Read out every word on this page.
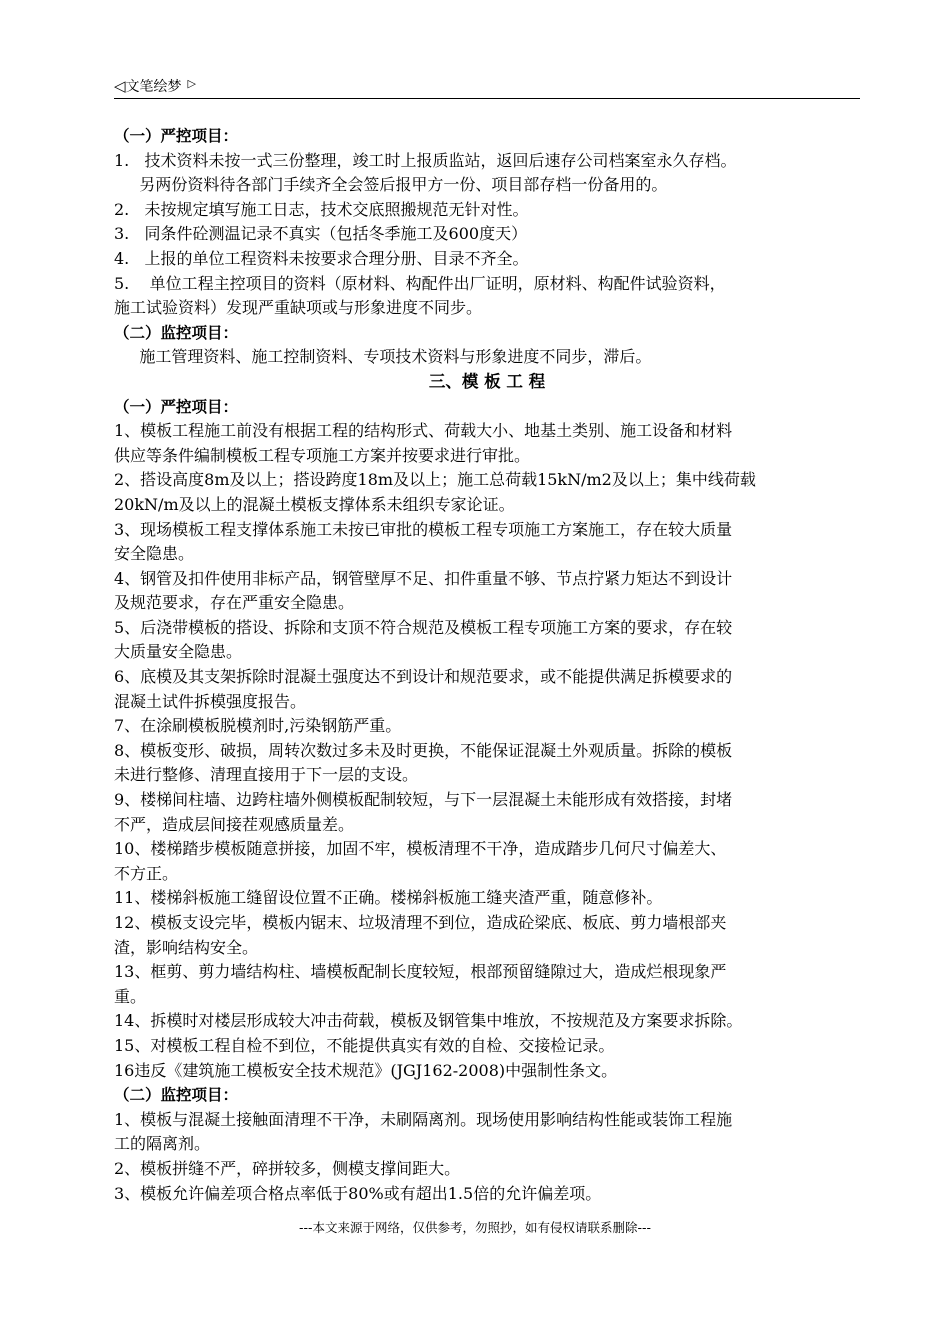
◁ 文笔绘梦 ▷
（一）严控项目：
1.   技术资料未按一式三份整理，竣工时上报质监站，返回后速存公司档案室永久存档。
另两份资料待各部门手续齐全会签后报甲方一份、项目部存档一份备用的。
2.   未按规定填写施工日志，技术交底照搬规范无针对性。
3.   同条件砼测温记录不真实（包括冬季施工及600度天）
4.   上报的单位工程资料未按要求合理分册、目录不齐全。
5.    单位工程主控项目的资料（原材料、构配件出厂证明，原材料、构配件试验资料，
施工试验资料）发现严重缺项或与形象进度不同步。
（二）监控项目：
施工管理资料、施工控制资料、专项技术资料与形象进度不同步，滞后。
三、模 板 工 程
（一）严控项目：
1、模板工程施工前没有根据工程的结构形式、荷载大小、地基土类别、施工设备和材料
供应等条件编制模板工程专项施工方案并按要求进行审批。
2、搭设高度8m及以上；搭设跨度18m及以上；施工总荷载15kN/m2及以上；集中线荷载
20kN/m及以上的混凝土模板支撑体系未组织专家论证。
3、现场模板工程支撑体系施工未按已审批的模板工程专项施工方案施工，存在较大质量
安全隐患。
4、钢管及扣件使用非标产品，钢管壁厚不足、扣件重量不够、节点拧紧力矩达不到设计
及规范要求，存在严重安全隐患。
5、后浇带模板的搭设、拆除和支顶不符合规范及模板工程专项施工方案的要求，存在较
大质量安全隐患。
6、底模及其支架拆除时混凝土强度达不到设计和规范要求，或不能提供满足拆模要求的
混凝土试件拆模强度报告。
7、在涂刷模板脱模剂时,污染钢筋严重。
8、模板变形、破损，周转次数过多未及时更换，不能保证混凝土外观质量。拆除的模板
未进行整修、清理直接用于下一层的支设。
9、楼梯间柱墙、边跨柱墙外侧模板配制较短，与下一层混凝土未能形成有效搭接，封堵
不严，造成层间接茬观感质量差。
10、楼梯踏步模板随意拼接，加固不牢，模板清理不干净，造成踏步几何尺寸偏差大、
不方正。
11、楼梯斜板施工缝留设位置不正确。楼梯斜板施工缝夹渣严重，随意修补。
12、模板支设完毕，模板内锯末、垃圾清理不到位，造成砼梁底、板底、剪力墙根部夹
渣，影响结构安全。
13、框剪、剪力墙结构柱、墙模板配制长度较短，根部预留缝隙过大，造成烂根现象严
重。
14、拆模时对楼层形成较大冲击荷载，模板及钢管集中堆放，不按规范及方案要求拆除。
15、对模板工程自检不到位，不能提供真实有效的自检、交接检记录。
16违反《建筑施工模板安全技术规范》(JGJ162-2008)中强制性条文。
（二）监控项目：
1、模板与混凝土接触面清理不干净，未刷隔离剂。现场使用影响结构性能或装饰工程施
工的隔离剂。
2、模板拼缝不严，碎拼较多，侧模支撑间距大。
3、模板允许偏差项合格点率低于80%或有超出1.5倍的允许偏差项。
---本文来源于网络，仅供参考，勿照抄，如有侵权请联系删除---
